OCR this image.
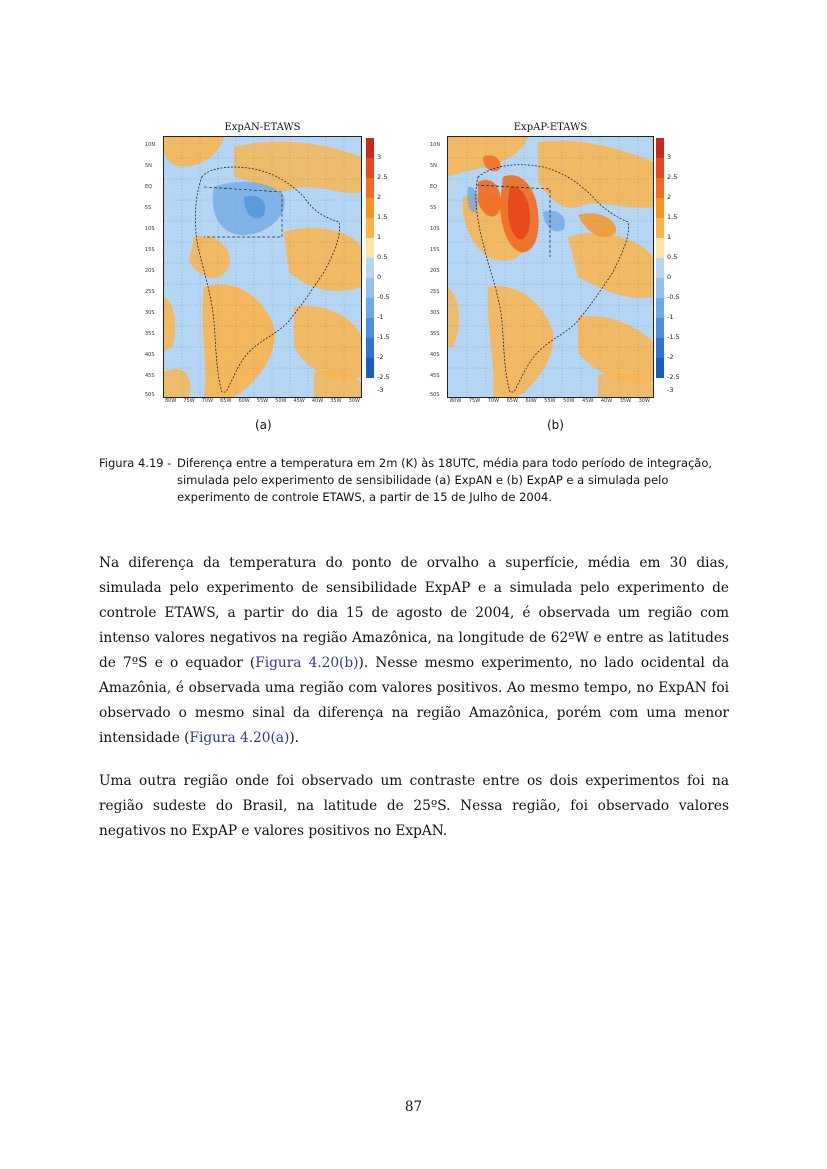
ExpAN-ETAWS
10N
5N
EQ
5S
10S
15S
20S
25S
30S
35S
40S
45S
50S
80W 75W 70W 65W 60W 55W 50W 45W 40W 35W 30W
3
2.5
2
1.5
1
0.5
0
-0.5
-1
-1.5
-2
-2.5
-3
(a)
ExpAP-ETAWS
10N
5N
EQ
5S
10S
15S
20S
25S
30S
35S
40S
45S
50S
80W 75W 70W 65W 60W 55W 50W 45W 40W 35W 30W
3
2.5
2
1.5
1
0.5
0
-0.5
-1
-1.5
-2
-2.5
-3
(b)
Figura 4.19 - Diferença entre a temperatura em 2m (K) às 18UTC, média para todo período de integração, simulada pelo experimento de sensibilidade (a) ExpAN e (b) ExpAP e a simulada pelo experimento de controle ETAWS, a partir de 15 de Julho de 2004.
Na diferença da temperatura do ponto de orvalho a superfície, média em 30 dias, simulada pelo experimento de sensibilidade ExpAP e a simulada pelo experimento de controle ETAWS, a partir do dia 15 de agosto de 2004, é observada um região com intenso valores negativos na região Amazônica, na longitude de 62ºW e entre as latitudes de 7ºS e o equador (Figura 4.20(b)). Nesse mesmo experimento, no lado ocidental da Amazônia, é observada uma região com valores positivos. Ao mesmo tempo, no ExpAN foi observado o mesmo sinal da diferença na região Amazônica, porém com uma menor intensidade (Figura 4.20(a)).
Uma outra região onde foi observado um contraste entre os dois experimentos foi na região sudeste do Brasil, na latitude de 25ºS. Nessa região, foi observado valores negativos no ExpAP e valores positivos no ExpAN.
87
